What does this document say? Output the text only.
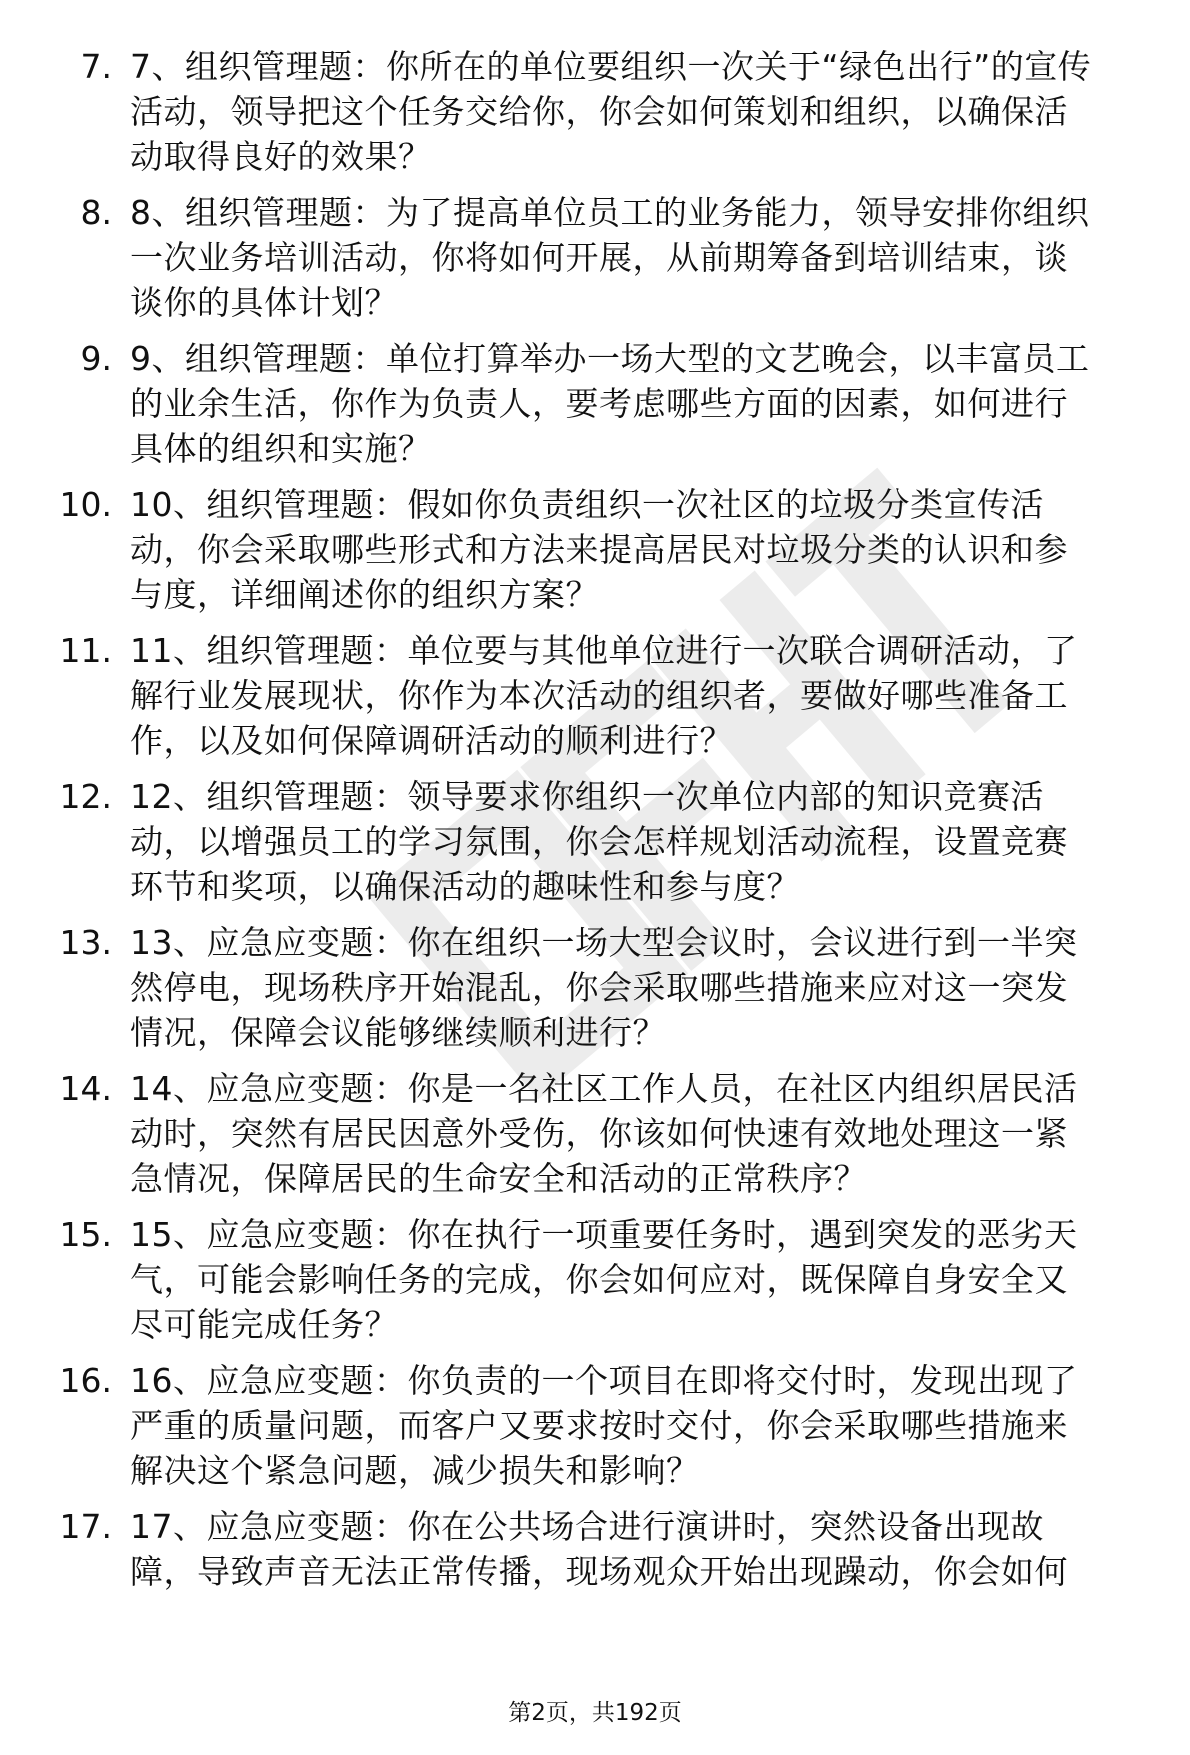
7. 7、组织管理题：你所在的单位要组织一次关于“绿色出行”的宣传
活动，领导把这个任务交给你，你会如何策划和组织，以确保活
动取得良好的效果？
8. 8、组织管理题：为了提高单位员工的业务能力，领导安排你组织
一次业务培训活动，你将如何开展，从前期筹备到培训结束，谈
谈你的具体计划？
9. 9、组织管理题：单位打算举办一场大型的文艺晚会，以丰富员工
的业余生活，你作为负责人，要考虑哪些方面的因素，如何进行
具体的组织和实施？
10. 10、组织管理题：假如你负责组织一次社区的垃圾分类宣传活
动，你会采取哪些形式和方法来提高居民对垃圾分类的认识和参
与度，详细阐述你的组织方案？
11. 11、组织管理题：单位要与其他单位进行一次联合调研活动，了
解行业发展现状，你作为本次活动的组织者，要做好哪些准备工
作，以及如何保障调研活动的顺利进行？
12. 12、组织管理题：领导要求你组织一次单位内部的知识竞赛活
动，以增强员工的学习氛围，你会怎样规划活动流程，设置竞赛
环节和奖项，以确保活动的趣味性和参与度？
13. 13、应急应变题：你在组织一场大型会议时，会议进行到一半突
然停电，现场秩序开始混乱，你会采取哪些措施来应对这一突发
情况，保障会议能够继续顺利进行？
14. 14、应急应变题：你是一名社区工作人员，在社区内组织居民活
动时，突然有居民因意外受伤，你该如何快速有效地处理这一紧
急情况，保障居民的生命安全和活动的正常秩序？
15. 15、应急应变题：你在执行一项重要任务时，遇到突发的恶劣天
气，可能会影响任务的完成，你会如何应对，既保障自身安全又
尽可能完成任务？
16. 16、应急应变题：你负责的一个项目在即将交付时，发现出现了
严重的质量问题，而客户又要求按时交付，你会采取哪些措施来
解决这个紧急问题，减少损失和影响？
17. 17、应急应变题：你在公共场合进行演讲时，突然设备出现故
障，导致声音无法正常传播，现场观众开始出现躁动，你会如何
第2页，共192页
